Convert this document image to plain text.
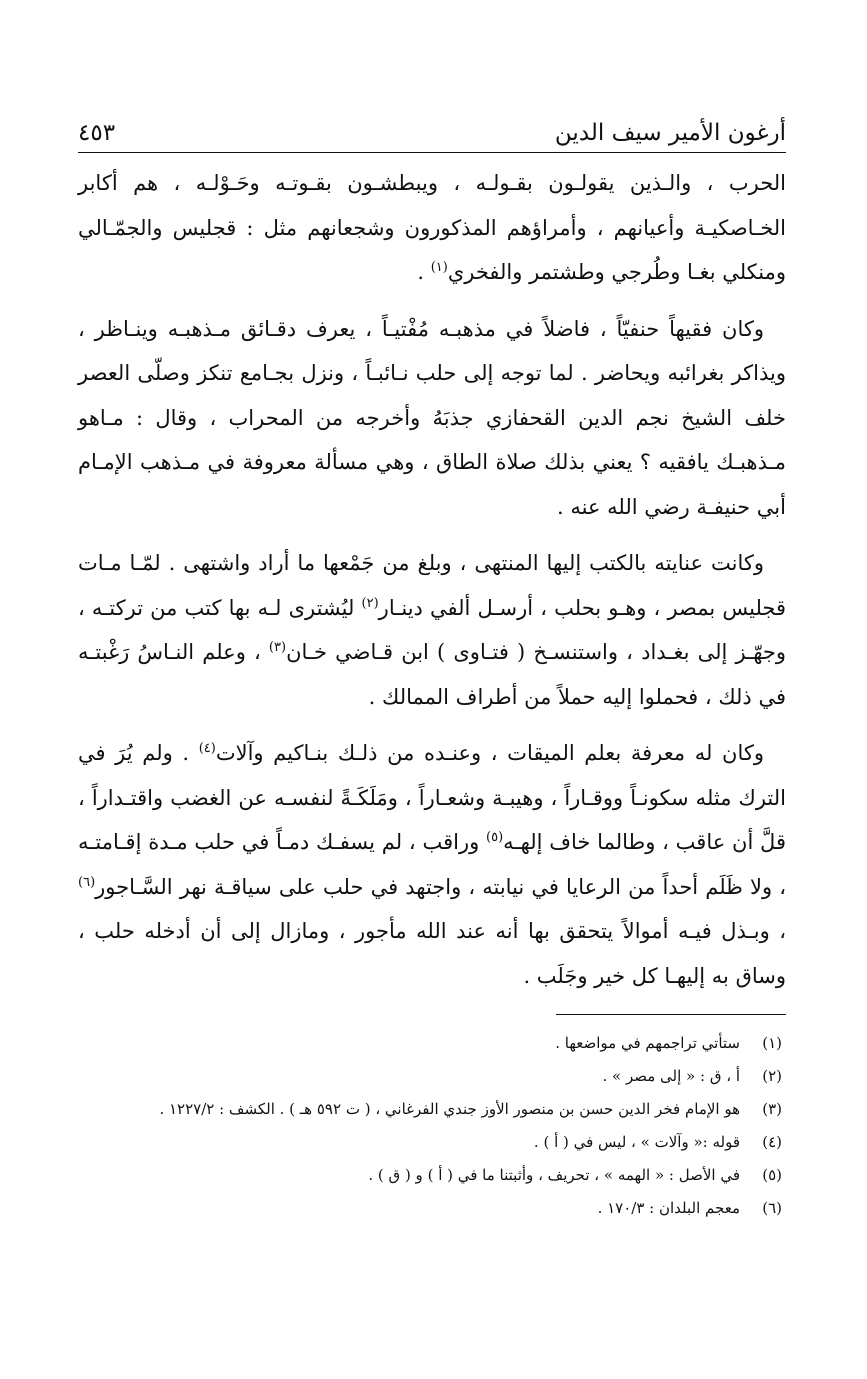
أرغون الأمير سيف الدين
٤٥٣

الحرب ، والـذين يقولـون بقـولـه ، ويبطشـون بقـوتـه وحَـوْلـه ، هم أكابر الخـاصكيـة وأعيانهم ، وأمراؤهم المذكورون وشجعانهم مثل : قجليس والجمّـالي ومنكلي بغـا وطُرجي وطشتمر والفخري$^{(١)}$ .

وكان فقيهاً حنفيّاً ، فاضلاً في مذهبـه مُفْتيـاً ، يعرف دقـائق مـذهبـه وينـاظر ، ويذاكر بغرائبه ويحاضر . لما توجه إلى حلب نـائبـاً ، ونزل بجـامع تنكز وصلّى العصر خلف الشيخ نجم الدين القحفازي جذبَهُ وأخرجه من المحراب ، وقال : مـاهو مـذهبـك يافقيه ؟ يعني بذلك صلاة الطاق ، وهي مسألة معروفة في مـذهب الإمـام أبي حنيفـة رضي الله عنه .

وكانت عنايته بالكتب إليها المنتهى ، وبلغ من جَمْعها ما أراد واشتهى . لمّـا مـات قجليس بمصر ، وهـو بحلب ، أرسـل ألفي دينـار$^{(٢)}$ ليُشترى لـه بها كتب من تركتـه ، وجهّـز إلى بغـداد ، واستنسـخ ( فتـاوى ) ابن قـاضي خـان$^{(٣)}$ ، وعلم النـاسُ رَغْبتـه في ذلك ، فحملوا إليه حملاً من أطراف الممالك .

وكان له معرفة بعلم الميقات ، وعنـده من ذلـك بنـاكيم وآلات$^{(٤)}$ . ولم يُرَ في الترك مثله سكونـاً ووقـاراً ، وهيبـة وشعـاراً ، ومَلَكَـةً لنفسـه عن الغضب واقتـداراً ، قلَّ أن عاقب ، وطالما خاف إلهـه$^{(٥)}$ وراقب ، لم يسفـك دمـاً في حلب مـدة إقـامتـه ، ولا ظَلَم أحداً من الرعايا في نيابته ، واجتهد في حلب على سياقـة نهر السَّـاجور$^{(٦)}$ ، وبـذل فيـه أموالاً يتحقق بها أنه عند الله مأجور ، ومازال إلى أن أدخله حلب ، وساق به إليهـا كل خير وجَلَب .

(١)
ستأتي تراجمهم في مواضعها .
(٢)
أ ، ق : « إلى مصر » .
(٣)
هو الإمام فخر الدين حسن بن منصور الأوز جندي الفرغاني ، ( ت ٥٩٢ هـ ) . الكشف : ١٢٢٧/٢ .
(٤)
قوله :« وآلات » ، ليس في ( أ ) .
(٥)
في الأصل : « الهمه » ، تحريف ، وأثبتنا ما في ( أ ) و ( ق ) .
(٦)
معجم البلدان : ١٧٠/٣ .
